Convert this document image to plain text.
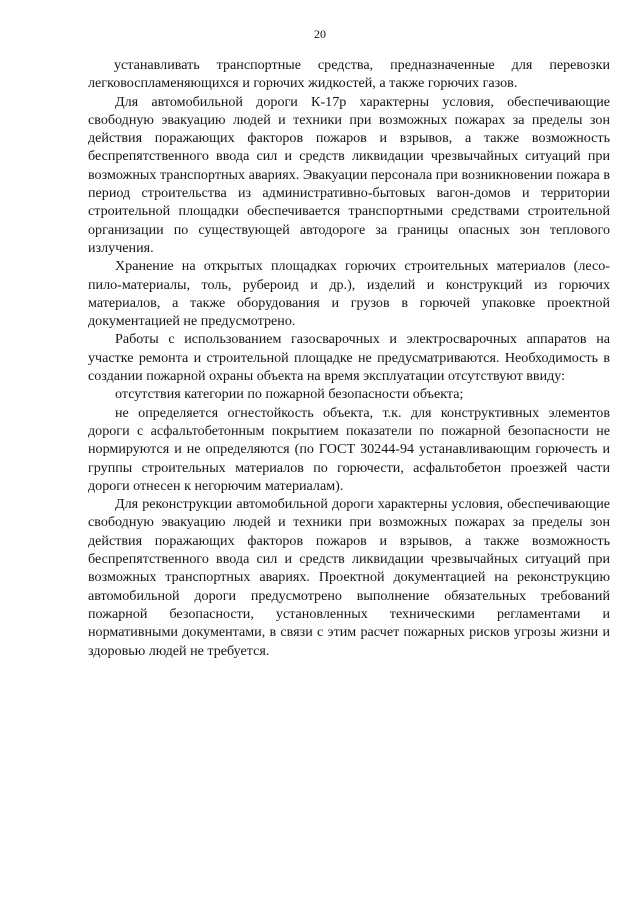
20

устанавливать транспортные средства, предназначенные для перевозки легковоспламеняющихся и горючих жидкостей, а также горючих газов.

Для автомобильной дороги К-17р характерны условия, обеспечивающие свободную эвакуацию людей и техники при возможных пожарах за пределы зон действия поражающих факторов пожаров и взрывов, а также возможность беспрепятственного ввода сил и средств ликвидации чрезвычайных ситуаций при возможных транспортных авариях. Эвакуации персонала при возникновении пожара в период строительства из административно-бытовых вагон-домов и территории строительной площадки обеспечивается транспортными средствами строительной организации по существующей автодороге за границы опасных зон теплового излучения.

Хранение на открытых площадках горючих строительных материалов (лесо-пило-материалы, толь, рубероид и др.), изделий и конструкций из горючих материалов, а также оборудования и грузов в горючей упаковке проектной документацией не предусмотрено.

Работы с использованием газосварочных и электросварочных аппаратов на участке ремонта и строительной площадке не предусматриваются. Необходимость в создании пожарной охраны объекта на время эксплуатации отсутствуют ввиду:

отсутствия категории по пожарной безопасности объекта;

не определяется огнестойкость объекта, т.к. для конструктивных элементов дороги с асфальтобетонным покрытием показатели по пожарной безопасности не нормируются и не определяются (по ГОСТ 30244-94 устанавливающим горючесть и группы строительных материалов по горючести, асфальтобетон проезжей части дороги отнесен к негорючим материалам).

Для реконструкции автомобильной дороги характерны условия, обеспечивающие свободную эвакуацию людей и техники при возможных пожарах за пределы зон действия поражающих факторов пожаров и взрывов, а также возможность беспрепятственного ввода сил и средств ликвидации чрезвычайных ситуаций при возможных транспортных авариях. Проектной документацией на реконструкцию автомобильной дороги предусмотрено выполнение обязательных требований пожарной безопасности, установленных техническими регламентами и нормативными документами, в связи с этим расчет пожарных рисков угрозы жизни и здоровью людей не требуется.
